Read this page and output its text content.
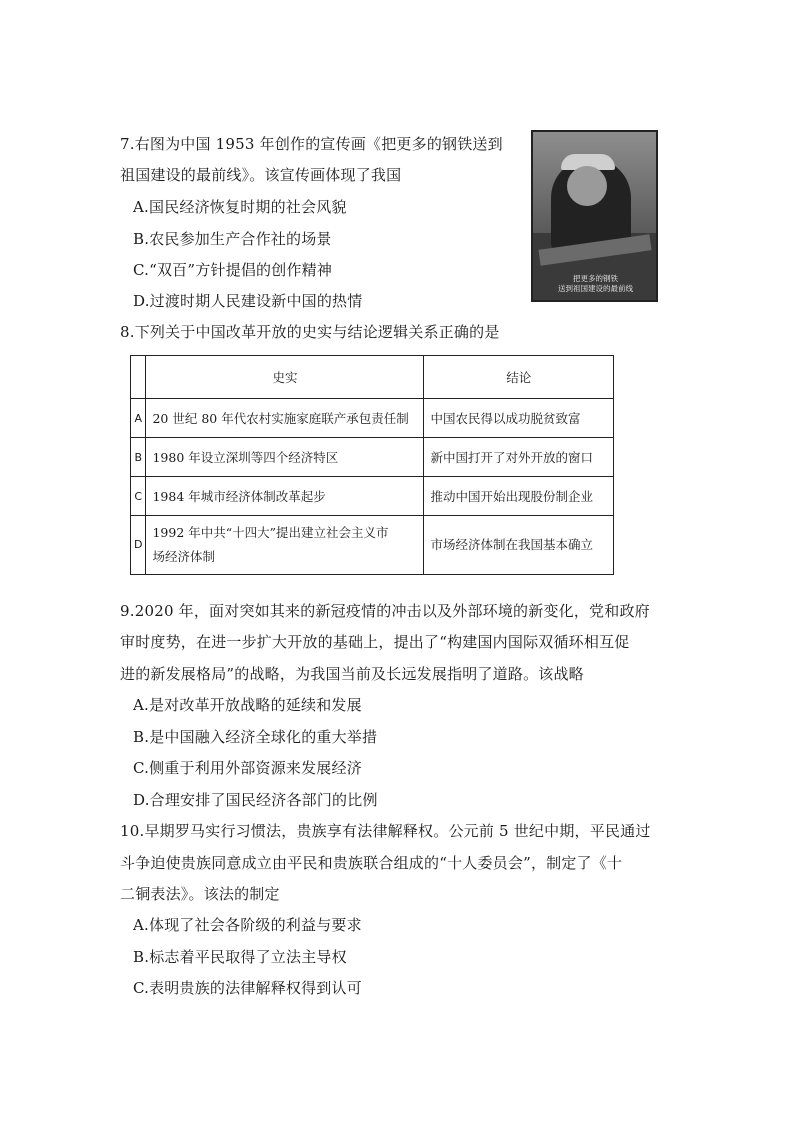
7.右图为中国 1953 年创作的宣传画《把更多的钢铁送到
祖国建设的最前线》。该宣传画体现了我国
A.国民经济恢复时期的社会风貌
B.农民参加生产合作社的场景
C.“双百”方针提倡的创作精神
D.过渡时期人民建设新中国的热情
把更多的钢铁
送到祖国建设的最前线
8.下列关于中国改革开放的史实与结论逻辑关系正确的是
	史实	结论
A	20 世纪 80 年代农村实施家庭联产承包责任制	中国农民得以成功脱贫致富
B	1980 年设立深圳等四个经济特区	新中国打开了对外开放的窗口
C	1984 年城市经济体制改革起步	推动中国开始出现股份制企业
D	1992 年中共“十四大”提出建立社会主义市
场经济体制	市场经济体制在我国基本确立
9.2020 年，面对突如其来的新冠疫情的冲击以及外部环境的新变化，党和政府
审时度势，在进一步扩大开放的基础上，提出了“构建国内国际双循环相互促
进的新发展格局”的战略，为我国当前及长远发展指明了道路。该战略
A.是对改革开放战略的延续和发展
B.是中国融入经济全球化的重大举措
C.侧重于利用外部资源来发展经济
D.合理安排了国民经济各部门的比例
10.早期罗马实行习惯法，贵族享有法律解释权。公元前 5 世纪中期，平民通过
斗争迫使贵族同意成立由平民和贵族联合组成的“十人委员会”，制定了《十
二铜表法》。该法的制定
A.体现了社会各阶级的利益与要求
B.标志着平民取得了立法主导权
C.表明贵族的法律解释权得到认可
